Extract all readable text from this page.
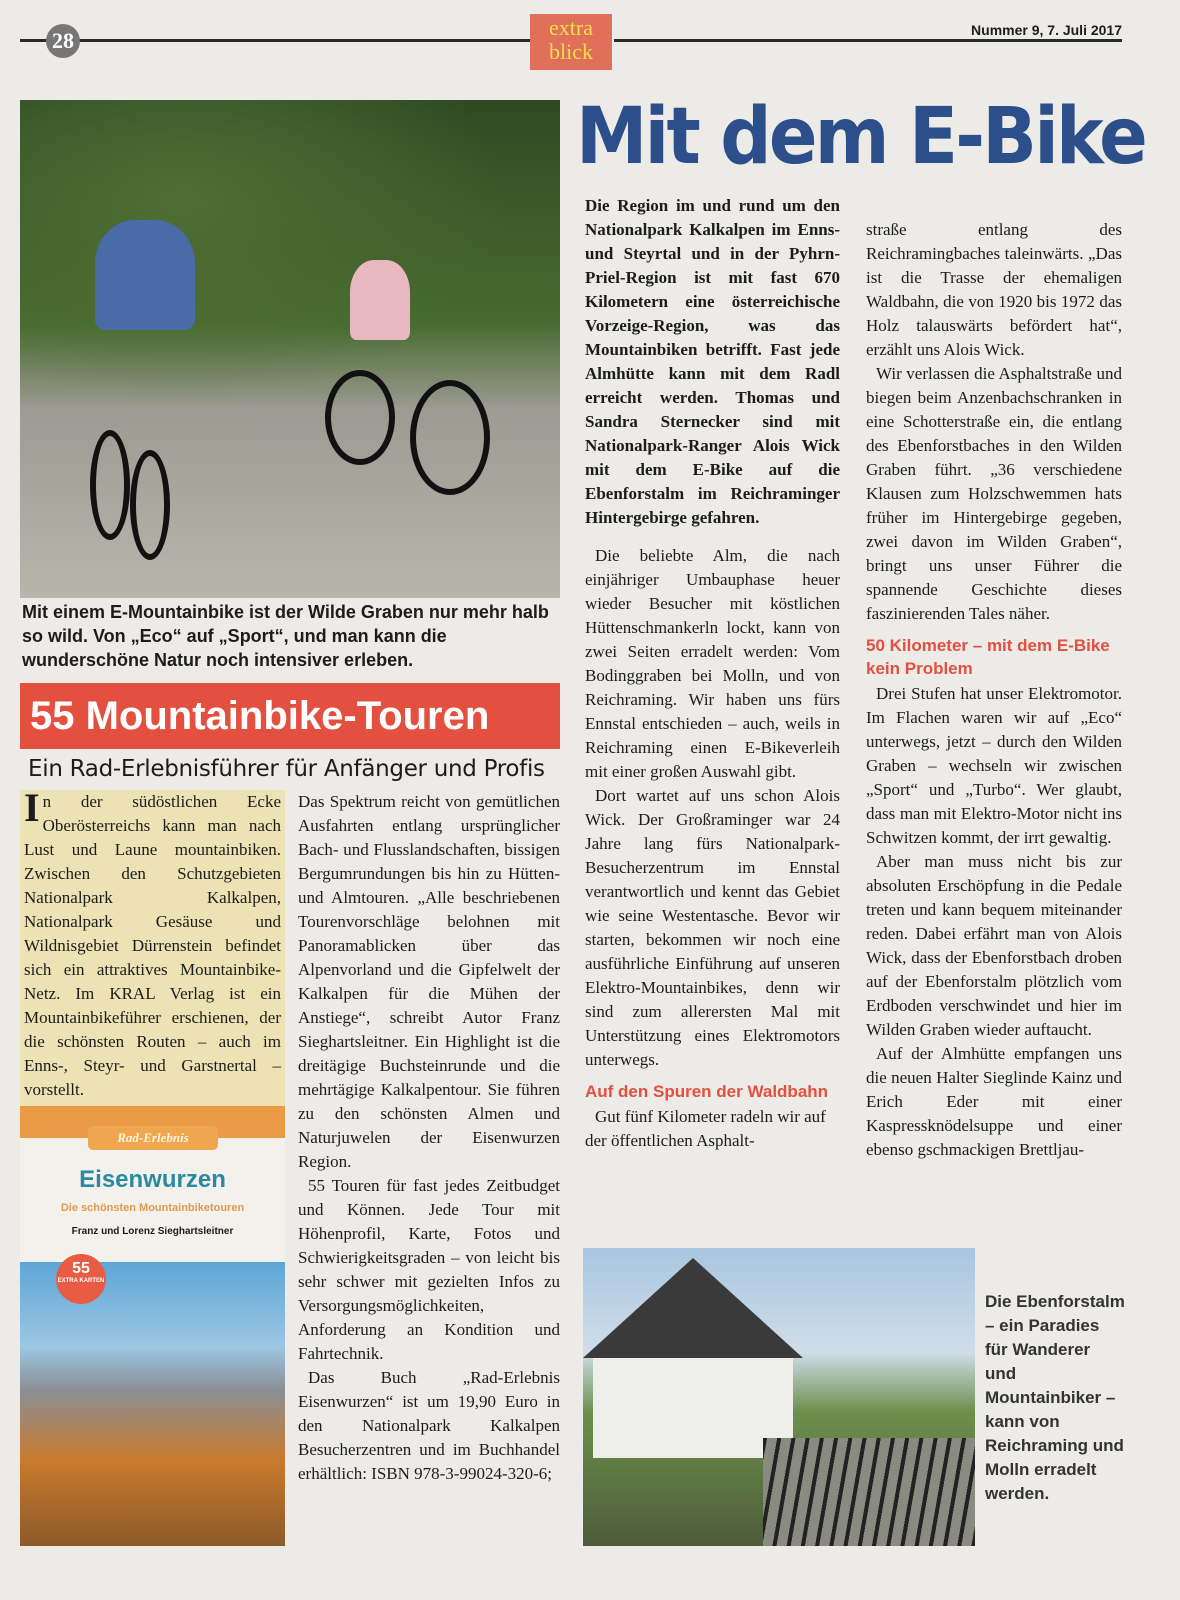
28
extra
blick
Nummer 9, 7. Juli 2017
Mit einem E-Mountainbike ist der Wilde Graben nur mehr halb so wild. Von „Eco“ auf „Sport“, und man kann die wunderschöne Natur noch intensiver erleben.
55 Mountainbike-Touren
Ein Rad-Erlebnisführer für Anfänger und Profis

In der südöstlichen Ecke Oberösterreichs kann man nach Lust und Laune mountainbiken. Zwischen den Schutzgebieten Nationalpark Kalkalpen, Nationalpark Gesäuse und Wildnisgebiet Dürrenstein befindet sich ein attraktives Mountainbike-Netz. Im KRAL Verlag ist ein Mountainbikeführer erschienen, der die schönsten Routen – auch im Enns-, Steyr- und Garstnertal – vorstellt.

Rad-Erlebnis
Eisenwurzen
Die schönsten Mountainbiketouren
Franz und Lorenz Sieghartsleitner
55
EXTRA KARTEN

Das Spektrum reicht von gemütlichen Ausfahrten entlang ursprünglicher Bach- und Flusslandschaften, bissigen Bergumrundungen bis hin zu Hütten- und Almtouren. „Alle beschriebenen Tourenvorschläge belohnen mit Panoramablicken über das Alpenvorland und die Gipfelwelt der Kalkalpen für die Mühen der Anstiege“, schreibt Autor Franz Sieghartsleitner. Ein Highlight ist die dreitägige Buchsteinrunde und die mehrtägige Kalkalpentour. Sie führen zu den schönsten Almen und Naturjuwelen der Eisenwurzen Region.

55 Touren für fast jedes Zeitbudget und Können. Jede Tour mit Höhenprofil, Karte, Fotos und Schwierigkeitsgraden – von leicht bis sehr schwer mit gezielten Infos zu Versorgungsmöglichkeiten, Anforderung an Kondition und Fahrtechnik.

Das Buch „Rad-Erlebnis Eisenwurzen“ ist um 19,90 Euro in den Nationalpark Kalkalpen Besucherzentren und im Buchhandel erhältlich: ISBN 978-3-99024-320-6;

Mit dem E-Bike

Die Region im und rund um den Nationalpark Kalkalpen im Enns- und Steyrtal und in der Pyhrn-Priel-Region ist mit fast 670 Kilometern eine österreichische Vorzeige-Region, was das Mountainbiken betrifft. Fast jede Almhütte kann mit dem Radl erreicht werden. Thomas und Sandra Sternecker sind mit Nationalpark-Ranger Alois Wick mit dem E-Bike auf die Ebenforstalm im Reichraminger Hintergebirge gefahren.

Die beliebte Alm, die nach einjähriger Umbauphase heuer wieder Besucher mit köstlichen Hüttenschmankerln lockt, kann von zwei Seiten erradelt werden: Vom Bodinggraben bei Molln, und von Reichraming. Wir haben uns fürs Ennstal entschieden – auch, weils in Reichraming einen E-Bikeverleih mit einer großen Auswahl gibt.

Dort wartet auf uns schon Alois Wick. Der Großraminger war 24 Jahre lang fürs Nationalpark-Besucherzentrum im Ennstal verantwortlich und kennt das Gebiet wie seine Westentasche. Bevor wir starten, bekommen wir noch eine ausführliche Einführung auf unseren Elektro-Mountainbikes, denn wir sind zum allerersten Mal mit Unterstützung eines Elektromotors unterwegs.

Auf den Spuren der Waldbahn

Gut fünf Kilometer radeln wir auf der öffentlichen Asphalt-

straße entlang des Reichramingbaches taleinwärts. „Das ist die Trasse der ehemaligen Waldbahn, die von 1920 bis 1972 das Holz talauswärts befördert hat“, erzählt uns Alois Wick.

Wir verlassen die Asphaltstraße und biegen beim Anzenbachschranken in eine Schotterstraße ein, die entlang des Ebenforstbaches in den Wilden Graben führt. „36 verschiedene Klausen zum Holzschwemmen hats früher im Hintergebirge gegeben, zwei davon im Wilden Graben“, bringt uns unser Führer die spannende Geschichte dieses faszinierenden Tales näher.

50 Kilometer – mit dem E-Bike kein Problem

Drei Stufen hat unser Elektromotor. Im Flachen waren wir auf „Eco“ unterwegs, jetzt – durch den Wilden Graben – wechseln wir zwischen „Sport“ und „Turbo“. Wer glaubt, dass man mit Elektro-Motor nicht ins Schwitzen kommt, der irrt gewaltig.

Aber man muss nicht bis zur absoluten Erschöpfung in die Pedale treten und kann bequem miteinander reden. Dabei erfährt man von Alois Wick, dass der Ebenforstbach droben auf der Ebenforstalm plötzlich vom Erdboden verschwindet und hier im Wilden Graben wieder auftaucht.

Auf der Almhütte empfangen uns die neuen Halter Sieglinde Kainz und Erich Eder mit einer Kaspressknödelsuppe und einer ebenso gschmackigen Brettljau-

Die Ebenforstalm – ein Paradies für Wanderer und Mountainbiker – kann von Reichraming und Molln erradelt werden.
